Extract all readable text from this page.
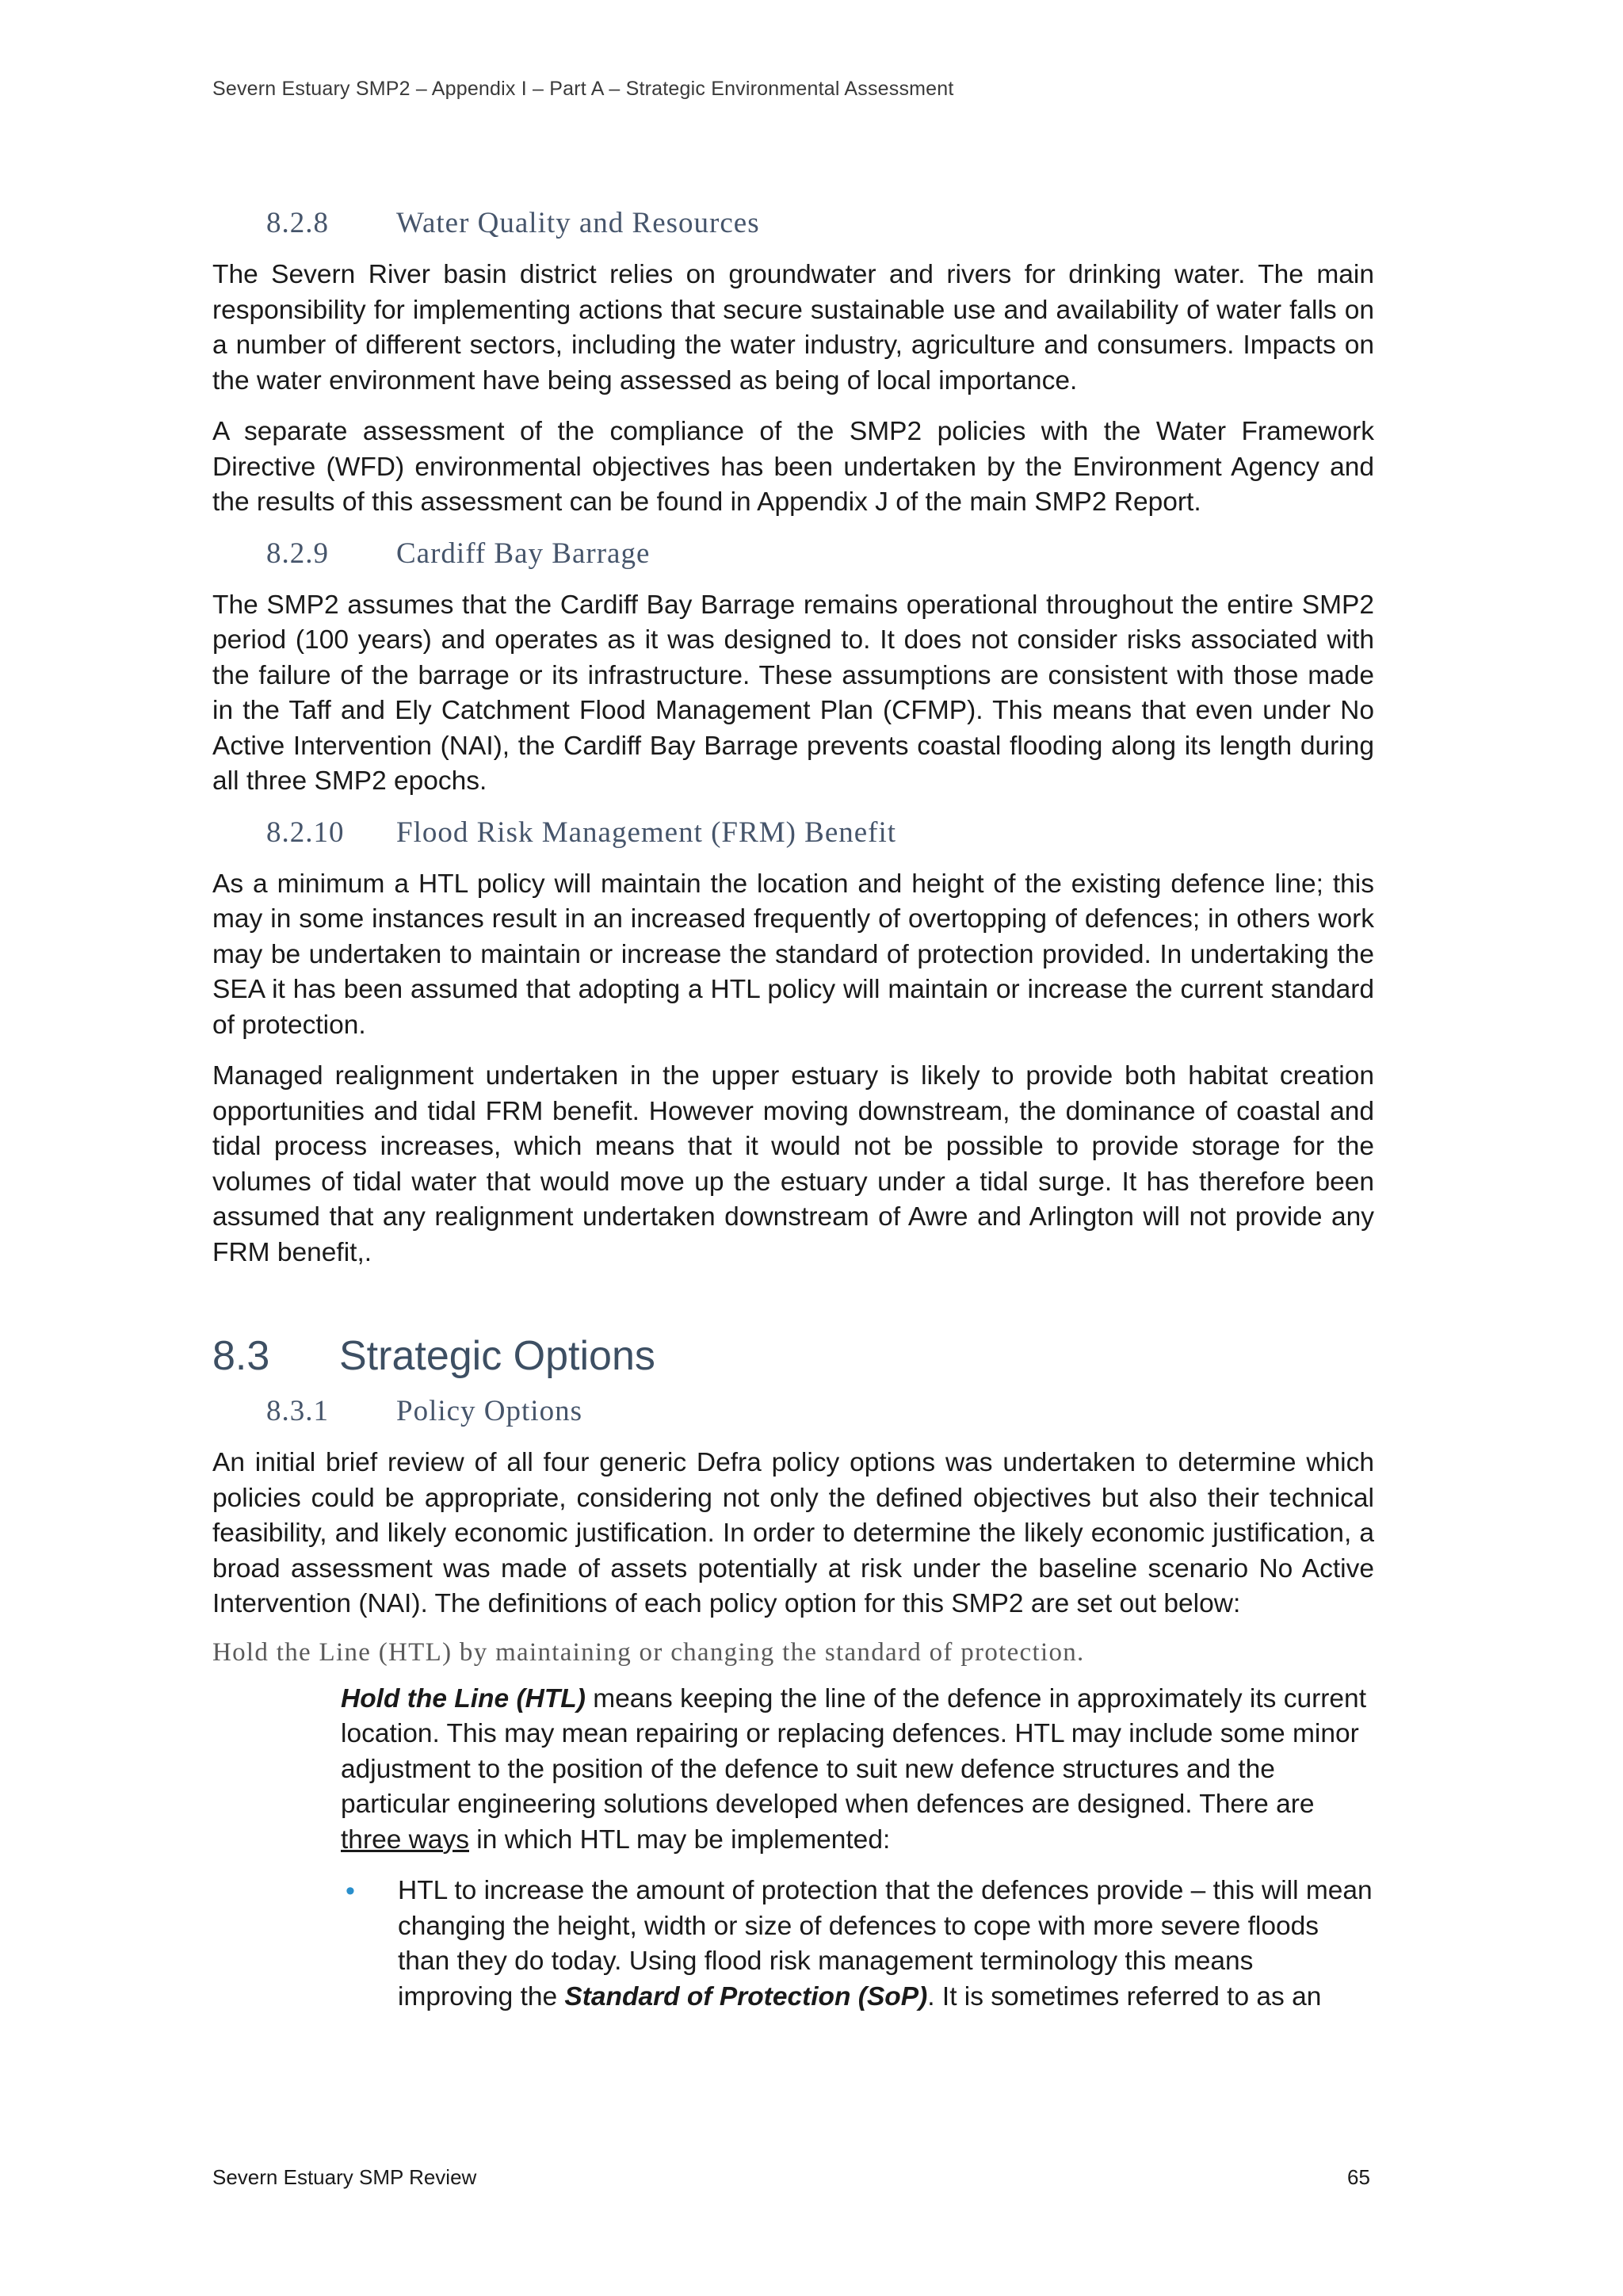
Severn Estuary SMP2 – Appendix I – Part A – Strategic Environmental Assessment
8.2.8	Water Quality and Resources

The Severn River basin district relies on groundwater and rivers for drinking water. The main responsibility for implementing actions that secure sustainable use and availability of water falls on a number of different sectors, including the water industry, agriculture and consumers. Impacts on the water environment have being assessed as being of local importance.

A separate assessment of the compliance of the SMP2 policies with the Water Framework Directive (WFD) environmental objectives has been undertaken by the Environment Agency and the results of this assessment can be found in Appendix J of the main SMP2 Report.

8.2.9	Cardiff Bay Barrage

The SMP2 assumes that the Cardiff Bay Barrage remains operational throughout the entire SMP2 period (100 years) and operates as it was designed to. It does not consider risks associated with the failure of the barrage or its infrastructure. These assumptions are consistent with those made in the Taff and Ely Catchment Flood Management Plan (CFMP). This means that even under No Active Intervention (NAI), the Cardiff Bay Barrage prevents coastal flooding along its length during all three SMP2 epochs.

8.2.10	Flood Risk Management (FRM) Benefit

As a minimum a HTL policy will maintain the location and height of the existing defence line; this may in some instances result in an increased frequently of overtopping of defences; in others work may be undertaken to maintain or increase the standard of protection provided. In undertaking the SEA it has been assumed that adopting a HTL policy will maintain or increase the current standard of protection.

Managed realignment undertaken in the upper estuary is likely to provide both habitat creation opportunities and tidal FRM benefit. However moving downstream, the dominance of coastal and tidal process increases, which means that it would not be possible to provide storage for the volumes of tidal water that would move up the estuary under a tidal surge. It has therefore been assumed that any realignment undertaken downstream of Awre and Arlington will not provide any FRM benefit,.

8.3	Strategic Options
8.3.1	Policy Options

An initial brief review of all four generic Defra policy options was undertaken to determine which policies could be appropriate, considering not only the defined objectives but also their technical feasibility, and likely economic justification. In order to determine the likely economic justification, a broad assessment was made of assets potentially at risk under the baseline scenario No Active Intervention (NAI). The definitions of each policy option for this SMP2 are set out below:

Hold the Line (HTL) by maintaining or changing the standard of protection.

Hold the Line (HTL) means keeping the line of the defence in approximately its current location. This may mean repairing or replacing defences. HTL may include some minor adjustment to the position of the defence to suit new defence structures and the particular engineering solutions developed when defences are designed. There are three ways in which HTL may be implemented:

•	HTL to increase the amount of protection that the defences provide – this will mean changing the height, width or size of defences to cope with more severe floods than they do today. Using flood risk management terminology this means improving the Standard of Protection (SoP). It is sometimes referred to as an

Severn Estuary SMP Review	65
